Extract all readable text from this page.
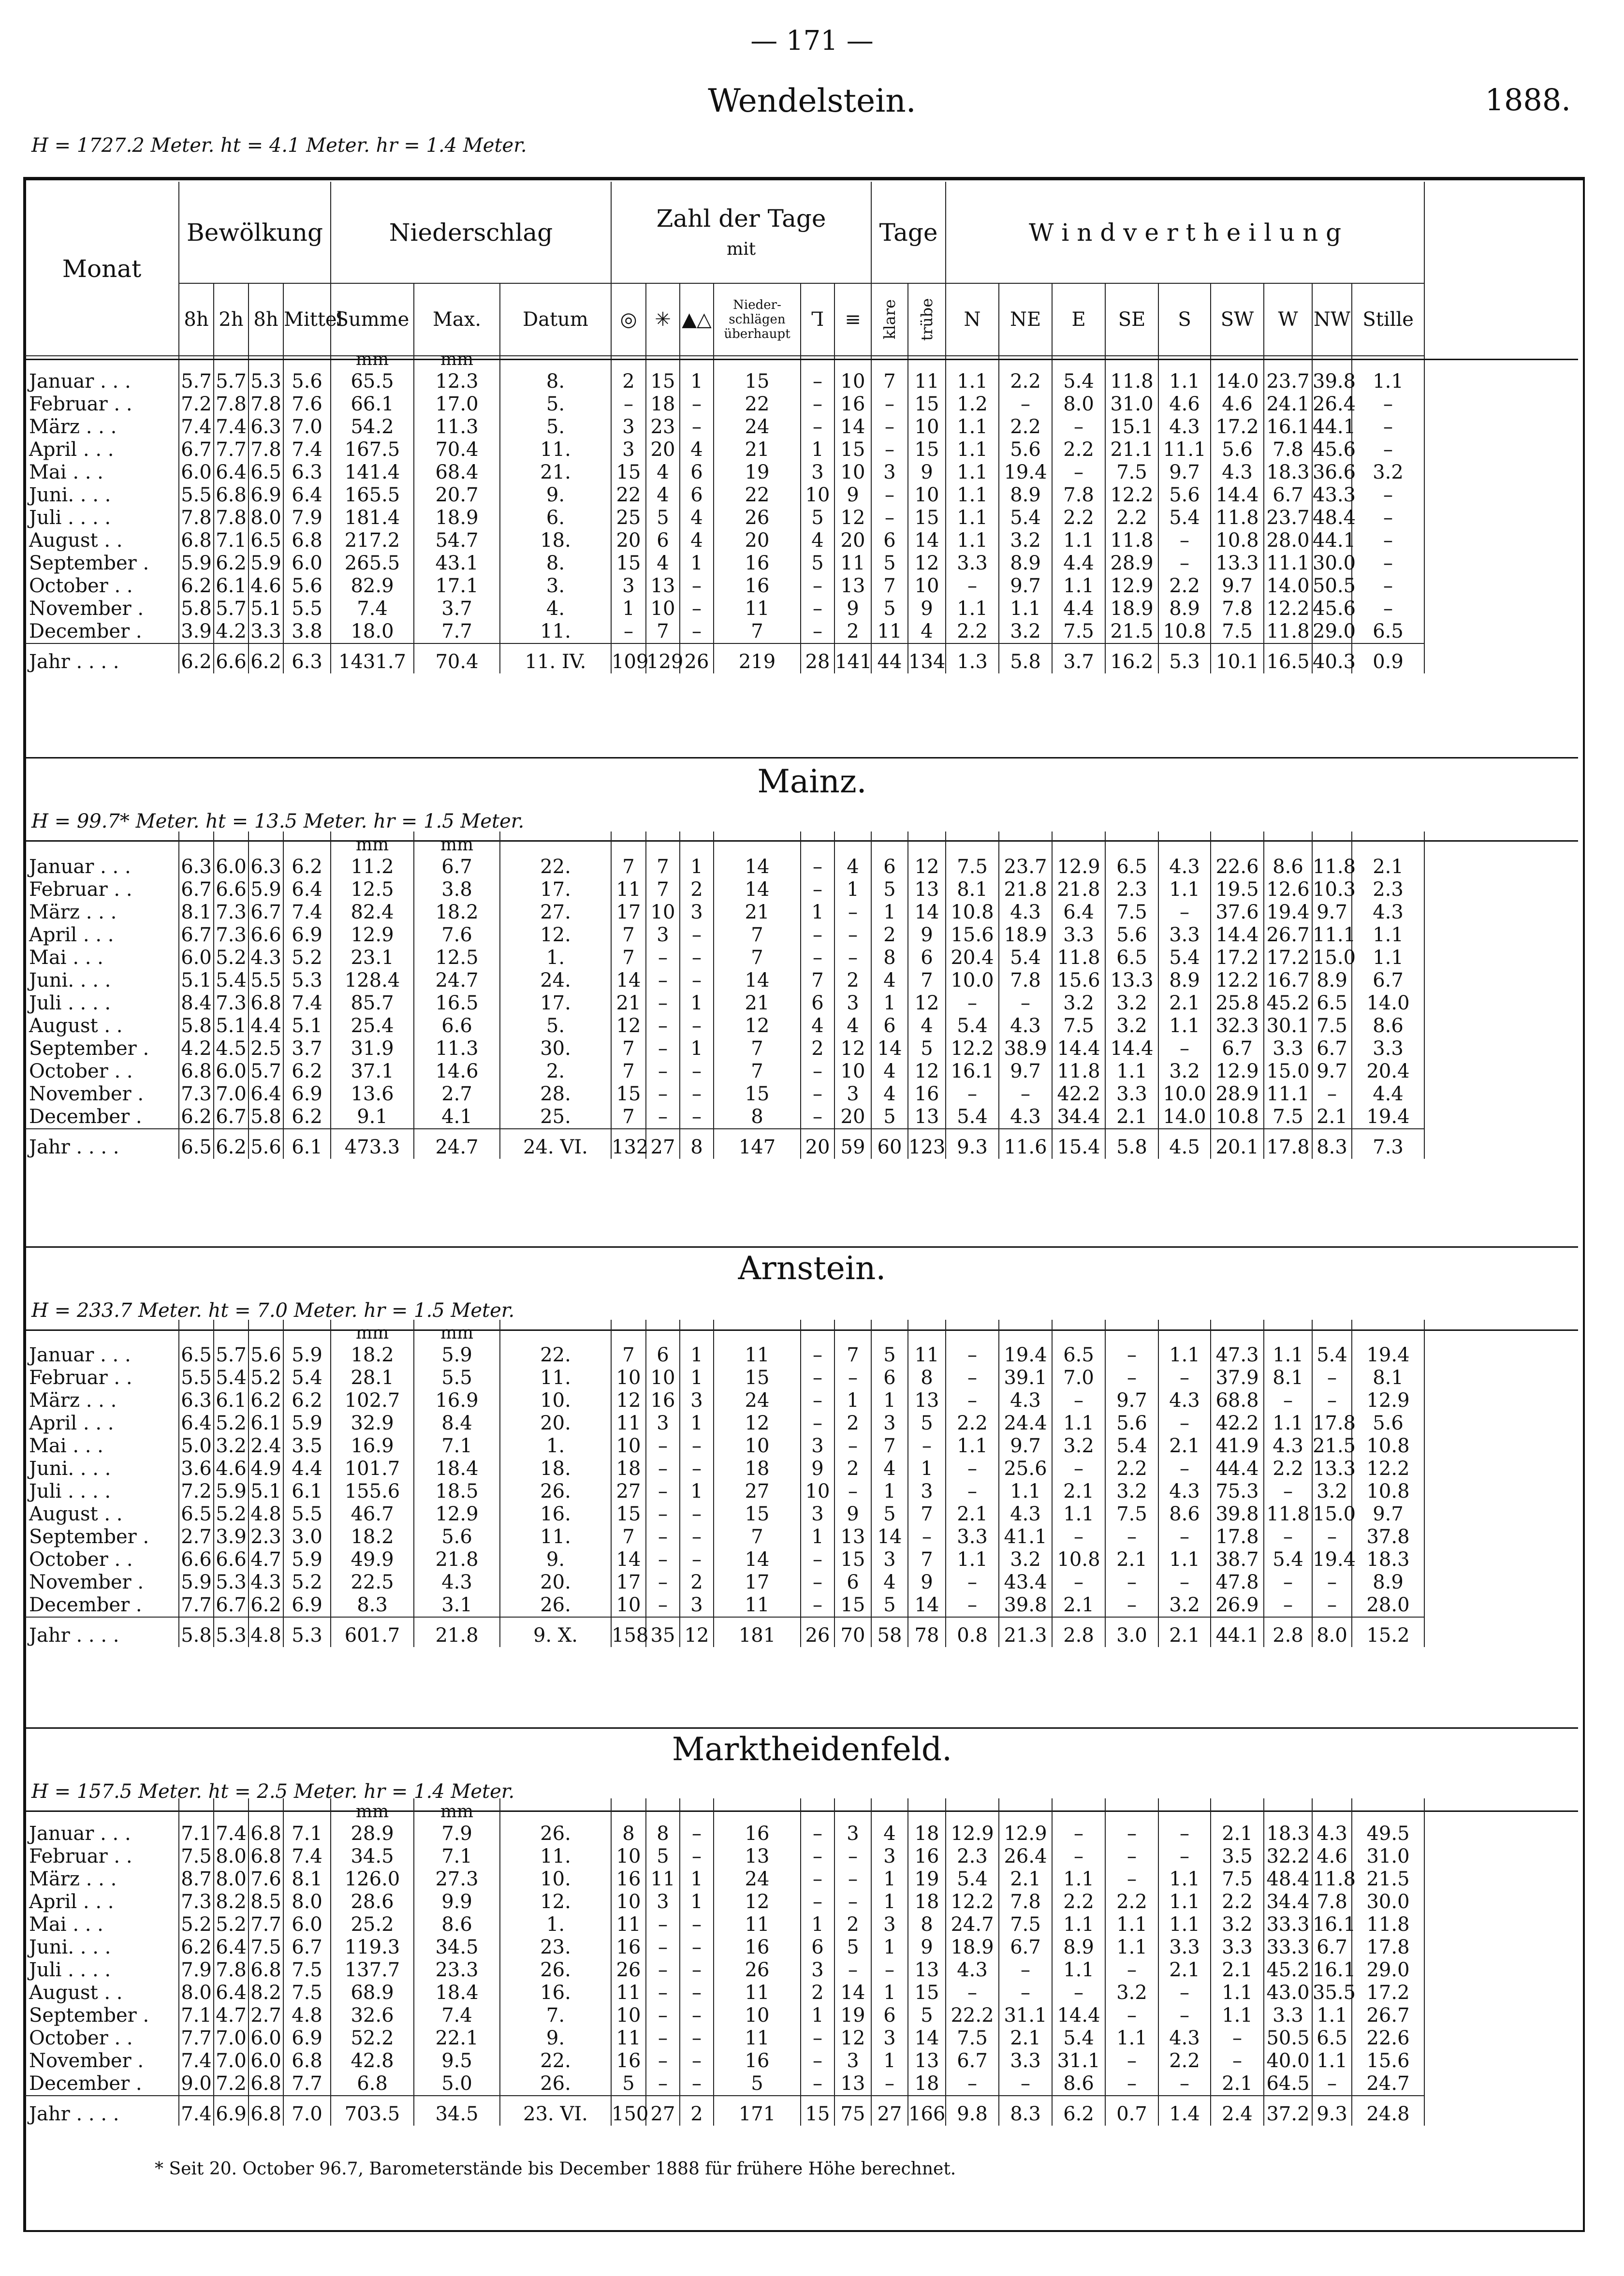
— 171 —
Wendelstein.	1888.
H = 1727.2 Meter. ht = 4.1 Meter. hr = 1.4 Meter.
Monat	Bewölkung				Niederschlag			Zahl der Tage
mit						Tage		W i n d v e r t h e i l u n g								
	8h	2h	8h	Mittel	Summe	Max.	Datum	◎	✳	▲△	Nieder-schlägen überhaupt	Ꞁ	≡	klare	trübe	N	NE	E	SE	S	SW	W	NW	Stille
					mm	mm																		
Januar . . .	5.7	5.7	5.3	5.6	65.5	12.3	8.	2	15	1	15	–	10	7	11	1.1	2.2	5.4	11.8	1.1	14.0	23.7	39.8	1.1
Februar . .	7.2	7.8	7.8	7.6	66.1	17.0	5.	–	18	–	22	–	16	–	15	1.2	–	8.0	31.0	4.6	4.6	24.1	26.4	–
März . . .	7.4	7.4	6.3	7.0	54.2	11.3	5.	3	23	–	24	–	14	–	10	1.1	2.2	–	15.1	4.3	17.2	16.1	44.1	–
April . . .	6.7	7.7	7.8	7.4	167.5	70.4	11.	3	20	4	21	1	15	–	15	1.1	5.6	2.2	21.1	11.1	5.6	7.8	45.6	–
Mai . . .	6.0	6.4	6.5	6.3	141.4	68.4	21.	15	4	6	19	3	10	3	9	1.1	19.4	–	7.5	9.7	4.3	18.3	36.6	3.2
Juni. . . .	5.5	6.8	6.9	6.4	165.5	20.7	9.	22	4	6	22	10	9	–	10	1.1	8.9	7.8	12.2	5.6	14.4	6.7	43.3	–
Juli . . . .	7.8	7.8	8.0	7.9	181.4	18.9	6.	25	5	4	26	5	12	–	15	1.1	5.4	2.2	2.2	5.4	11.8	23.7	48.4	–
August . .	6.8	7.1	6.5	6.8	217.2	54.7	18.	20	6	4	20	4	20	6	14	1.1	3.2	1.1	11.8	–	10.8	28.0	44.1	–
September .	5.9	6.2	5.9	6.0	265.5	43.1	8.	15	4	1	16	5	11	5	12	3.3	8.9	4.4	28.9	–	13.3	11.1	30.0	–
October . .	6.2	6.1	4.6	5.6	82.9	17.1	3.	3	13	–	16	–	13	7	10	–	9.7	1.1	12.9	2.2	9.7	14.0	50.5	–
November .	5.8	5.7	5.1	5.5	7.4	3.7	4.	1	10	–	11	–	9	5	9	1.1	1.1	4.4	18.9	8.9	7.8	12.2	45.6	–
December .	3.9	4.2	3.3	3.8	18.0	7.7	11.	–	7	–	7	–	2	11	4	2.2	3.2	7.5	21.5	10.8	7.5	11.8	29.0	6.5
Jahr . . . .	6.2	6.6	6.2	6.3	1431.7	70.4	11. IV.	109	129	26	219	28	141	44	134	1.3	5.8	3.7	16.2	5.3	10.1	16.5	40.3	0.9
Mainz.
H = 99.7* Meter. ht = 13.5 Meter. hr = 1.5 Meter.
					mm	mm																		
Januar . . .	6.3	6.0	6.3	6.2	11.2	6.7	22.	7	7	1	14	–	4	6	12	7.5	23.7	12.9	6.5	4.3	22.6	8.6	11.8	2.1
Februar . .	6.7	6.6	5.9	6.4	12.5	3.8	17.	11	7	2	14	–	1	5	13	8.1	21.8	21.8	2.3	1.1	19.5	12.6	10.3	2.3
März . . .	8.1	7.3	6.7	7.4	82.4	18.2	27.	17	10	3	21	1	–	1	14	10.8	4.3	6.4	7.5	–	37.6	19.4	9.7	4.3
April . . .	6.7	7.3	6.6	6.9	12.9	7.6	12.	7	3	–	7	–	–	2	9	15.6	18.9	3.3	5.6	3.3	14.4	26.7	11.1	1.1
Mai . . .	6.0	5.2	4.3	5.2	23.1	12.5	1.	7	–	–	7	–	–	8	6	20.4	5.4	11.8	6.5	5.4	17.2	17.2	15.0	1.1
Juni. . . .	5.1	5.4	5.5	5.3	128.4	24.7	24.	14	–	–	14	7	2	4	7	10.0	7.8	15.6	13.3	8.9	12.2	16.7	8.9	6.7
Juli . . . .	8.4	7.3	6.8	7.4	85.7	16.5	17.	21	–	1	21	6	3	1	12	–	–	3.2	3.2	2.1	25.8	45.2	6.5	14.0
August . .	5.8	5.1	4.4	5.1	25.4	6.6	5.	12	–	–	12	4	4	6	4	5.4	4.3	7.5	3.2	1.1	32.3	30.1	7.5	8.6
September .	4.2	4.5	2.5	3.7	31.9	11.3	30.	7	–	1	7	2	12	14	5	12.2	38.9	14.4	14.4	–	6.7	3.3	6.7	3.3
October . .	6.8	6.0	5.7	6.2	37.1	14.6	2.	7	–	–	7	–	10	4	12	16.1	9.7	11.8	1.1	3.2	12.9	15.0	9.7	20.4
November .	7.3	7.0	6.4	6.9	13.6	2.7	28.	15	–	–	15	–	3	4	16	–	–	42.2	3.3	10.0	28.9	11.1	–	4.4
December .	6.2	6.7	5.8	6.2	9.1	4.1	25.	7	–	–	8	–	20	5	13	5.4	4.3	34.4	2.1	14.0	10.8	7.5	2.1	19.4
Jahr . . . .	6.5	6.2	5.6	6.1	473.3	24.7	24. VI.	132	27	8	147	20	59	60	123	9.3	11.6	15.4	5.8	4.5	20.1	17.8	8.3	7.3
Arnstein.
H = 233.7 Meter. ht = 7.0 Meter. hr = 1.5 Meter.
					mm	mm																		
Januar . . .	6.5	5.7	5.6	5.9	18.2	5.9	22.	7	6	1	11	–	7	5	11	–	19.4	6.5	–	1.1	47.3	1.1	5.4	19.4
Februar . .	5.5	5.4	5.2	5.4	28.1	5.5	11.	10	10	1	15	–	–	6	8	–	39.1	7.0	–	–	37.9	8.1	–	8.1
März . . .	6.3	6.1	6.2	6.2	102.7	16.9	10.	12	16	3	24	–	1	1	13	–	4.3	–	9.7	4.3	68.8	–	–	12.9
April . . .	6.4	5.2	6.1	5.9	32.9	8.4	20.	11	3	1	12	–	2	3	5	2.2	24.4	1.1	5.6	–	42.2	1.1	17.8	5.6
Mai . . .	5.0	3.2	2.4	3.5	16.9	7.1	1.	10	–	–	10	3	–	7	–	1.1	9.7	3.2	5.4	2.1	41.9	4.3	21.5	10.8
Juni. . . .	3.6	4.6	4.9	4.4	101.7	18.4	18.	18	–	–	18	9	2	4	1	–	25.6	–	2.2	–	44.4	2.2	13.3	12.2
Juli . . . .	7.2	5.9	5.1	6.1	155.6	18.5	26.	27	–	1	27	10	–	1	3	–	1.1	2.1	3.2	4.3	75.3	–	3.2	10.8
August . .	6.5	5.2	4.8	5.5	46.7	12.9	16.	15	–	–	15	3	9	5	7	2.1	4.3	1.1	7.5	8.6	39.8	11.8	15.0	9.7
September .	2.7	3.9	2.3	3.0	18.2	5.6	11.	7	–	–	7	1	13	14	–	3.3	41.1	–	–	–	17.8	–	–	37.8
October . .	6.6	6.6	4.7	5.9	49.9	21.8	9.	14	–	–	14	–	15	3	7	1.1	3.2	10.8	2.1	1.1	38.7	5.4	19.4	18.3
November .	5.9	5.3	4.3	5.2	22.5	4.3	20.	17	–	2	17	–	6	4	9	–	43.4	–	–	–	47.8	–	–	8.9
December .	7.7	6.7	6.2	6.9	8.3	3.1	26.	10	–	3	11	–	15	5	14	–	39.8	2.1	–	3.2	26.9	–	–	28.0
Jahr . . . .	5.8	5.3	4.8	5.3	601.7	21.8	9. X.	158	35	12	181	26	70	58	78	0.8	21.3	2.8	3.0	2.1	44.1	2.8	8.0	15.2
Marktheidenfeld.
H = 157.5 Meter. ht = 2.5 Meter. hr = 1.4 Meter.
					mm	mm																		
Januar . . .	7.1	7.4	6.8	7.1	28.9	7.9	26.	8	8	–	16	–	3	4	18	12.9	12.9	–	–	–	2.1	18.3	4.3	49.5
Februar . .	7.5	8.0	6.8	7.4	34.5	7.1	11.	10	5	–	13	–	–	3	16	2.3	26.4	–	–	–	3.5	32.2	4.6	31.0
März . . .	8.7	8.0	7.6	8.1	126.0	27.3	10.	16	11	1	24	–	–	1	19	5.4	2.1	1.1	–	1.1	7.5	48.4	11.8	21.5
April . . .	7.3	8.2	8.5	8.0	28.6	9.9	12.	10	3	1	12	–	–	1	18	12.2	7.8	2.2	2.2	1.1	2.2	34.4	7.8	30.0
Mai . . .	5.2	5.2	7.7	6.0	25.2	8.6	1.	11	–	–	11	1	2	3	8	24.7	7.5	1.1	1.1	1.1	3.2	33.3	16.1	11.8
Juni. . . .	6.2	6.4	7.5	6.7	119.3	34.5	23.	16	–	–	16	6	5	1	9	18.9	6.7	8.9	1.1	3.3	3.3	33.3	6.7	17.8
Juli . . . .	7.9	7.8	6.8	7.5	137.7	23.3	26.	26	–	–	26	3	–	–	13	4.3	–	1.1	–	2.1	2.1	45.2	16.1	29.0
August . .	8.0	6.4	8.2	7.5	68.9	18.4	16.	11	–	–	11	2	14	1	15	–	–	–	3.2	–	1.1	43.0	35.5	17.2
September .	7.1	4.7	2.7	4.8	32.6	7.4	7.	10	–	–	10	1	19	6	5	22.2	31.1	14.4	–	–	1.1	3.3	1.1	26.7
October . .	7.7	7.0	6.0	6.9	52.2	22.1	9.	11	–	–	11	–	12	3	14	7.5	2.1	5.4	1.1	4.3	–	50.5	6.5	22.6
November .	7.4	7.0	6.0	6.8	42.8	9.5	22.	16	–	–	16	–	3	1	13	6.7	3.3	31.1	–	2.2	–	40.0	1.1	15.6
December .	9.0	7.2	6.8	7.7	6.8	5.0	26.	5	–	–	5	–	13	–	18	–	–	8.6	–	–	2.1	64.5	–	24.7
Jahr . . . .	7.4	6.9	6.8	7.0	703.5	34.5	23. VI.	150	27	2	171	15	75	27	166	9.8	8.3	6.2	0.7	1.4	2.4	37.2	9.3	24.8
* Seit 20. October 96.7, Barometerstände bis December 1888 für frühere Höhe berechnet.
